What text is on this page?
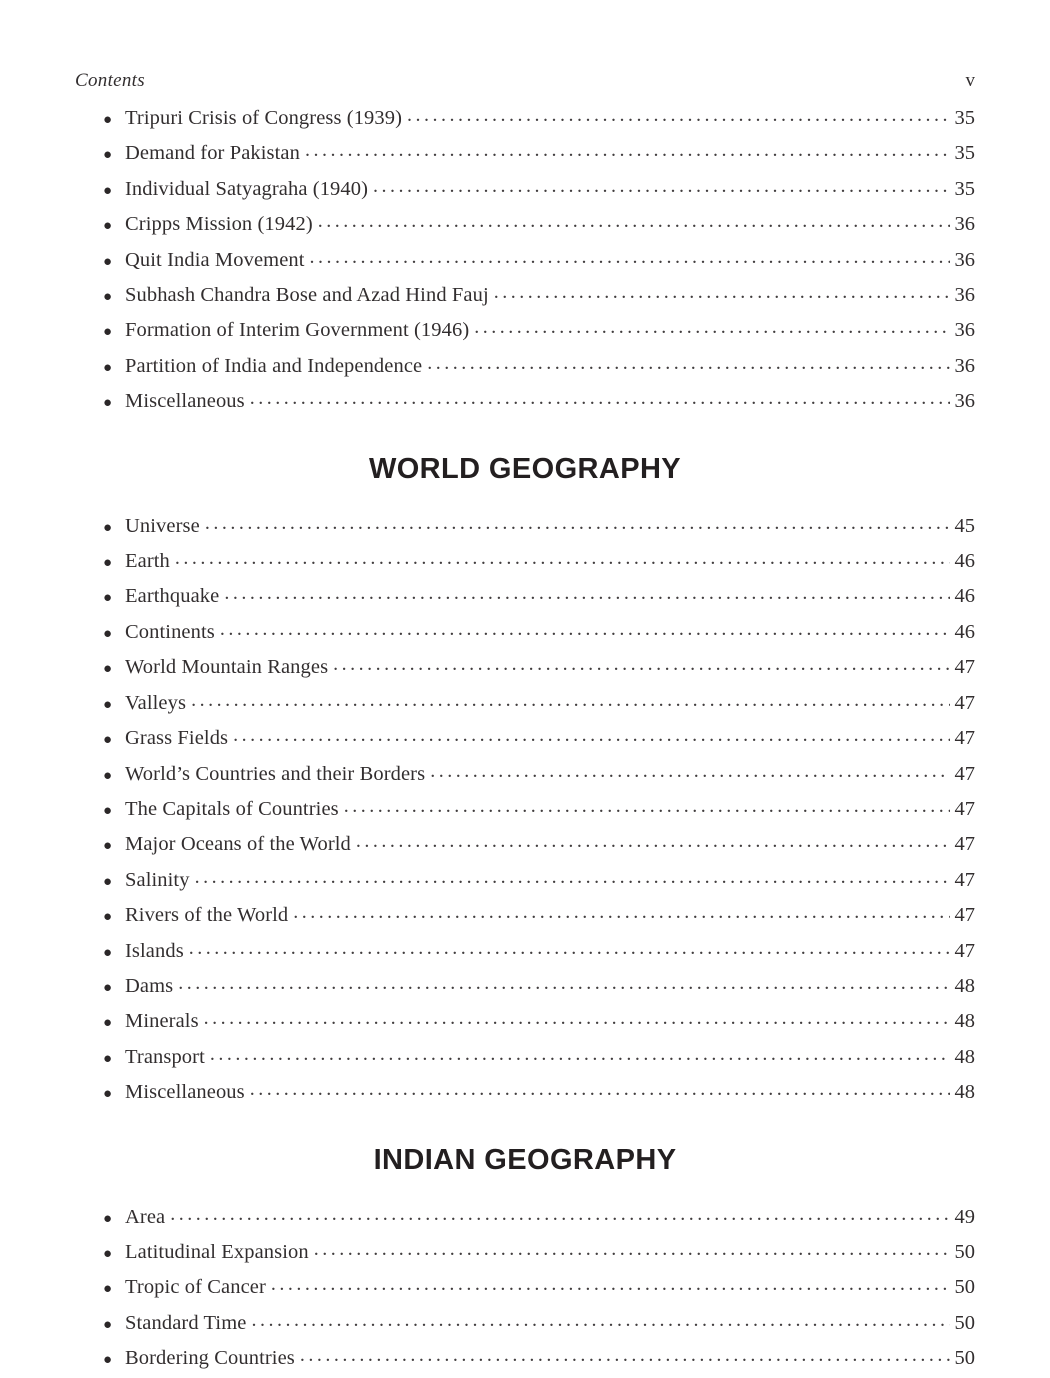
Contents	v
● Tripuri Crisis of Congress (1939) . . .	35
● Demand for Pakistan . . .	35
● Individual Satyagraha (1940) . . .	35
● Cripps Mission (1942) . . .	36
● Quit India Movement . . .	36
● Subhash Chandra Bose and Azad Hind Fauj . . .	36
● Formation of Interim Government (1946) . . .	36
● Partition of India and Independence . . .	36
● Miscellaneous . . .	36
WORLD GEOGRAPHY
● Universe . . .	45
● Earth . . .	46
● Earthquake . . .	46
● Continents . . .	46
● World Mountain Ranges . . .	47
● Valleys . . .	47
● Grass Fields . . .	47
● World’s Countries and their Borders . . .	47
● The Capitals of Countries . . .	47
● Major Oceans of the World . . .	47
● Salinity . . .	47
● Rivers of the World . . .	47
● Islands . . .	47
● Dams . . .	48
● Minerals . . .	48
● Transport . . .	48
● Miscellaneous . . .	48
INDIAN GEOGRAPHY
● Area . . .	49
● Latitudinal Expansion . . .	50
● Tropic of Cancer . . .	50
● Standard Time . . .	50
● Bordering Countries . . .	50
